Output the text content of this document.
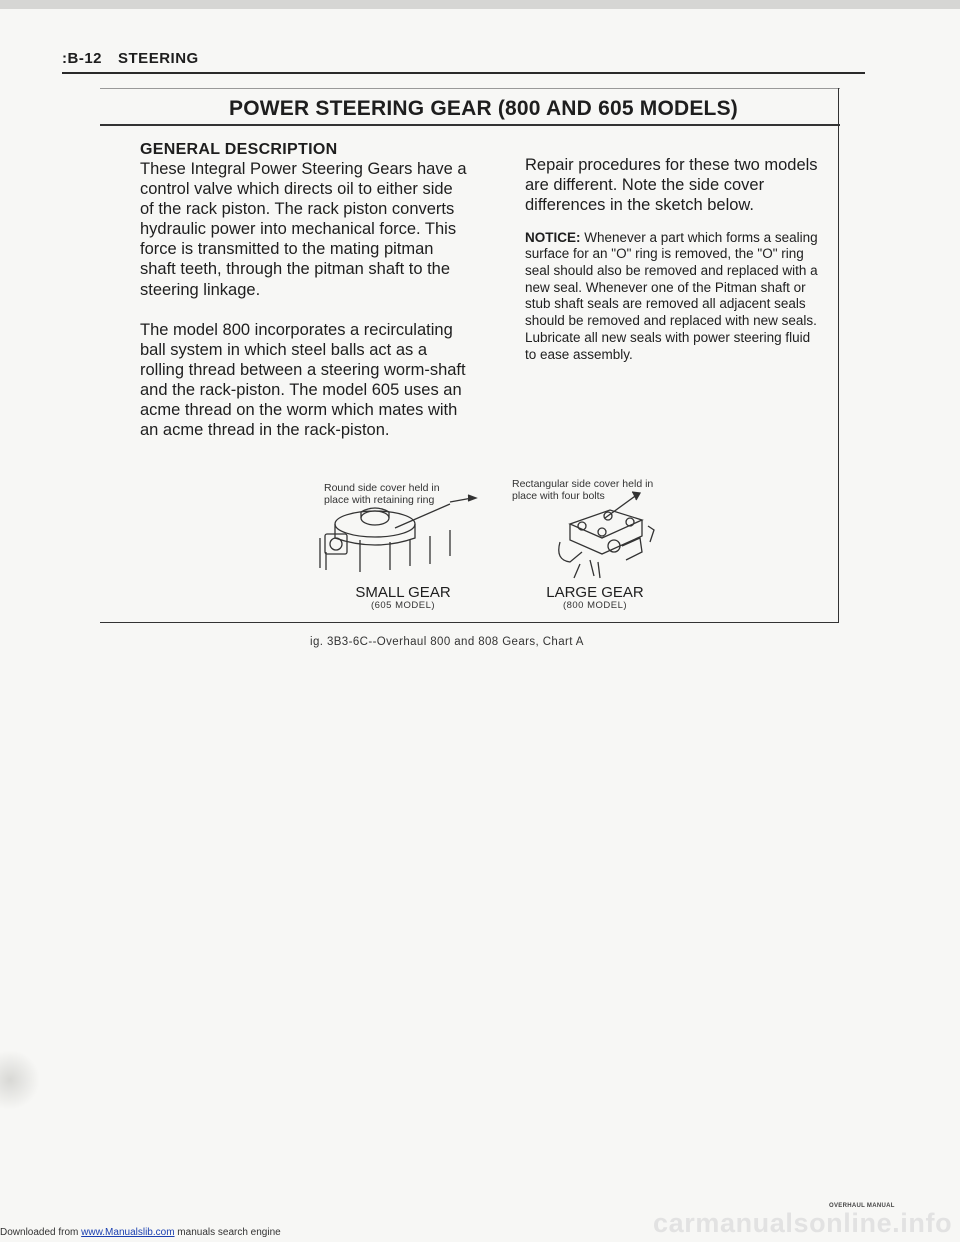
:B-12 STEERING
POWER STEERING GEAR (800 AND 605 MODELS)
GENERAL DESCRIPTION

These Integral Power Steering Gears have a control valve which directs oil to either side of the rack piston. The rack piston converts hydraulic power into mechanical force. This force is transmitted to the mating pitman shaft teeth, through the pitman shaft to the steering linkage.

The model 800 incorporates a recirculating ball system in which steel balls act as a rolling thread between a steering worm-shaft and the rack-piston. The model 605 uses an acme thread on the worm which mates with an acme thread in the rack-piston.

Repair procedures for these two models are different. Note the side cover differences in the sketch below.

NOTICE: Whenever a part which forms a sealing surface for an "O" ring is removed, the "O" ring seal should also be removed and replaced with a new seal. Whenever one of the Pitman shaft or stub shaft seals are removed all adjacent seals should be removed and replaced with new seals. Lubricate all new seals with power steering fluid to ease assembly.

Round side cover held in
place with retaining ring
Rectangular side cover held in
place with four bolts
SMALL GEAR
(605 MODEL)
LARGE GEAR
(800 MODEL)
ig. 3B3-6C--Overhaul 800 and 808 Gears, Chart A
carmanualsonline.info
OVERHAUL MANUAL
Downloaded from www.Manualslib.com manuals search engine
